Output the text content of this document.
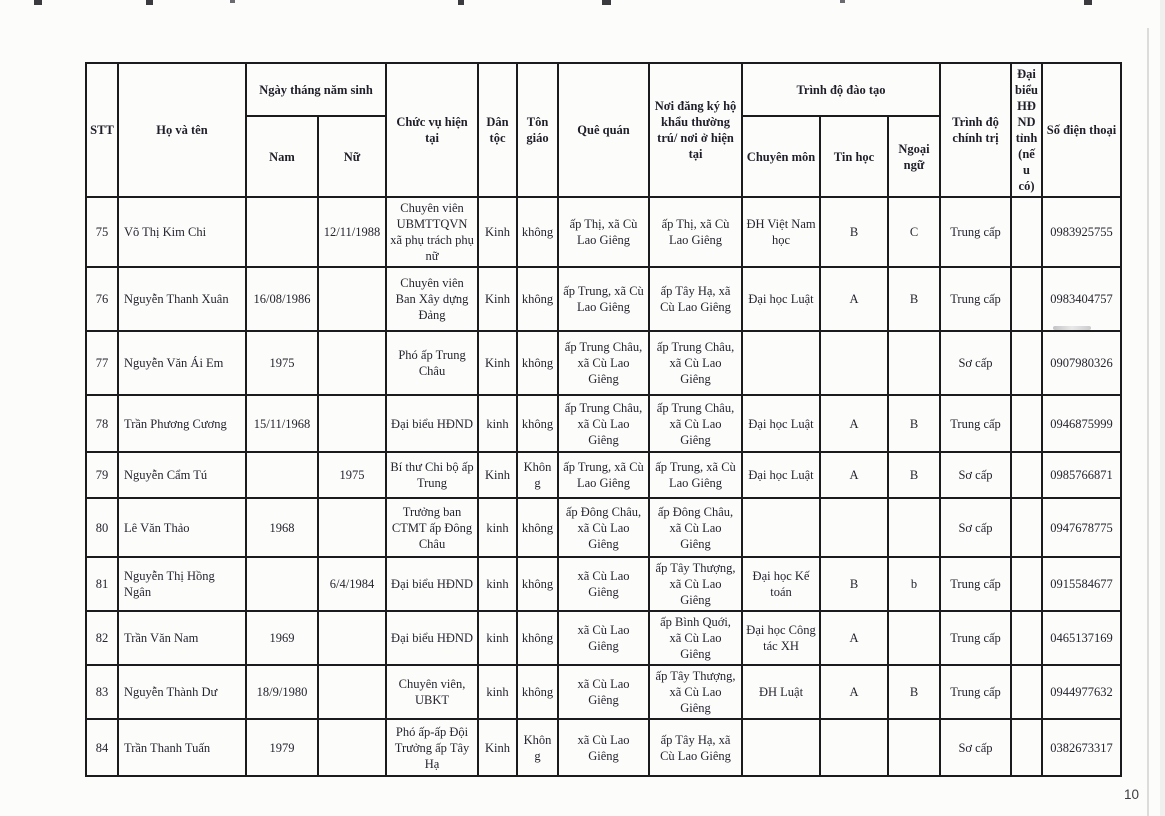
STT	Họ và tên	Ngày tháng năm sinh		Chức vụ hiện tại	Dân tộc	Tôn giáo	Quê quán	Nơi đăng ký hộ khẩu thường trú/ nơi ở hiện tại	Trình độ đào tạo			Trình độ chính trị	Đại biểu HĐND tỉnh (nếu có)	Số điện thoại
		Nam	Nữ						Chuyên môn	Tin học	Ngoại ngữ			
75	Võ Thị Kim Chi		12/11/1988	Chuyên viên UBMTTQVN xã phụ trách phụ nữ	Kinh	không	ấp Thị, xã Cù Lao Giêng	ấp Thị, xã Cù Lao Giêng	ĐH Việt Nam học	B	C	Trung cấp		0983925755
76	Nguyễn Thanh Xuân	16/08/1986		Chuyên viên Ban Xây dựng Đảng	Kinh	không	ấp Trung, xã Cù Lao Giêng	ấp Tây Hạ, xã Cù Lao Giêng	Đại học Luật	A	B	Trung cấp		0983404757
77	Nguyễn Văn Ái Em	1975		Phó ấp Trung Châu	Kinh	không	ấp Trung Châu, xã Cù Lao Giêng	ấp Trung Châu, xã Cù Lao Giêng				Sơ cấp		0907980326
78	Trần Phương Cương	15/11/1968		Đại biểu HĐND	kinh	không	ấp Trung Châu, xã Cù Lao Giêng	ấp Trung Châu, xã Cù Lao Giêng	Đại học Luật	A	B	Trung cấp		0946875999
79	Nguyễn Cẩm Tú		1975	Bí thư Chi bộ ấp Trung	Kinh	Không	ấp Trung, xã Cù Lao Giêng	ấp Trung, xã Cù Lao Giêng	Đại học Luật	A	B	Sơ cấp		0985766871
80	Lê Văn Thảo	1968		Trưởng ban CTMT ấp Đông Châu	kinh	không	ấp Đông Châu, xã Cù Lao Giêng	ấp Đông Châu, xã Cù Lao Giêng				Sơ cấp		0947678775
81	Nguyễn Thị Hồng Ngân		6/4/1984	Đại biểu HĐND	kinh	không	xã Cù Lao Giêng	ấp Tây Thượng, xã Cù Lao Giêng	Đại học Kế toán	B	b	Trung cấp		0915584677
82	Trần Văn Nam	1969		Đại biểu HĐND	kinh	không	xã Cù Lao Giêng	ấp Bình Quới, xã Cù Lao Giêng	Đại học Công tác XH	A		Trung cấp		0465137169
83	Nguyễn Thành Dư	18/9/1980		Chuyên viên, UBKT	kinh	không	xã Cù Lao Giêng	ấp Tây Thượng, xã Cù Lao Giêng	ĐH Luật	A	B	Trung cấp		0944977632
84	Trần Thanh Tuấn	1979		Phó ấp-ấp Đội Trưởng ấp Tây Hạ	Kinh	Không	xã Cù Lao Giêng	ấp Tây Hạ, xã Cù Lao Giêng				Sơ cấp		0382673317
10
